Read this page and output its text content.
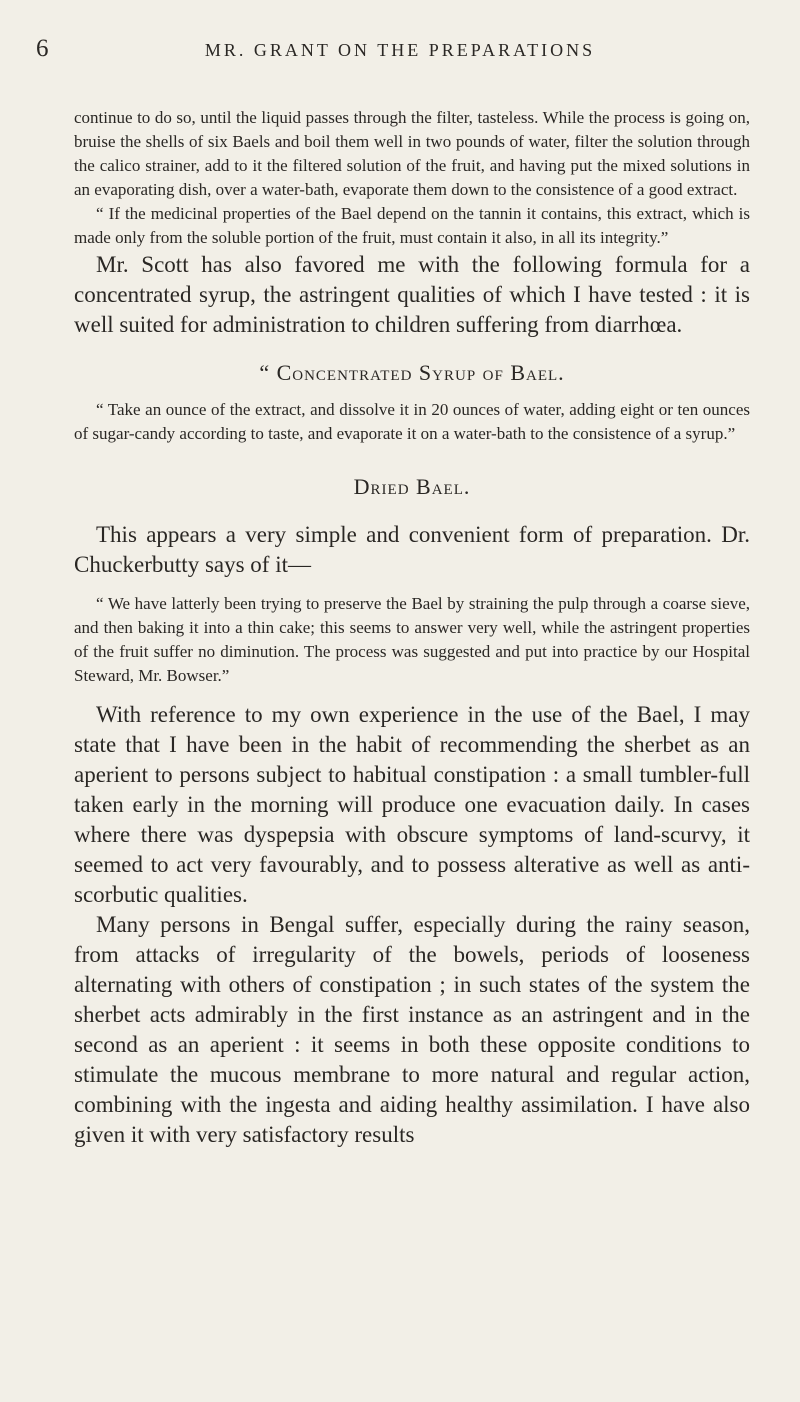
6	MR. GRANT ON THE PREPARATIONS

continue to do so, until the liquid passes through the filter, tasteless. While the process is going on, bruise the shells of six Baels and boil them well in two pounds of water, filter the solution through the calico strainer, add to it the filtered solution of the fruit, and having put the mixed solutions in an evaporating dish, over a water-bath, evaporate them down to the consistence of a good extract.

“ If the medicinal properties of the Bael depend on the tannin it contains, this extract, which is made only from the soluble portion of the fruit, must contain it also, in all its integrity.”

Mr. Scott has also favored me with the following formula for a concentrated syrup, the astringent qualities of which I have tested : it is well suited for administration to children suffering from diarrhœa.

“ Concentrated Syrup of Bael.

“ Take an ounce of the extract, and dissolve it in 20 ounces of water, adding eight or ten ounces of sugar-candy according to taste, and evaporate it on a water-bath to the consistence of a syrup.”

Dried Bael.

This appears a very simple and convenient form of preparation. Dr. Chuckerbutty says of it—

“ We have latterly been trying to preserve the Bael by straining the pulp through a coarse sieve, and then baking it into a thin cake; this seems to answer very well, while the astringent properties of the fruit suffer no diminution. The process was suggested and put into practice by our Hospital Steward, Mr. Bowser.”

With reference to my own experience in the use of the Bael, I may state that I have been in the habit of recommending the sherbet as an aperient to persons subject to habitual constipation : a small tumbler-full taken early in the morning will produce one evacuation daily. In cases where there was dyspepsia with obscure symptoms of land-scurvy, it seemed to act very favourably, and to possess alterative as well as anti-scorbutic qualities.

Many persons in Bengal suffer, especially during the rainy season, from attacks of irregularity of the bowels, periods of looseness alternating with others of constipation ; in such states of the system the sherbet acts admirably in the first instance as an astringent and in the second as an aperient : it seems in both these opposite conditions to stimulate the mucous membrane to more natural and regular action, combining with the ingesta and aiding healthy assimilation. I have also given it with very satisfactory results
